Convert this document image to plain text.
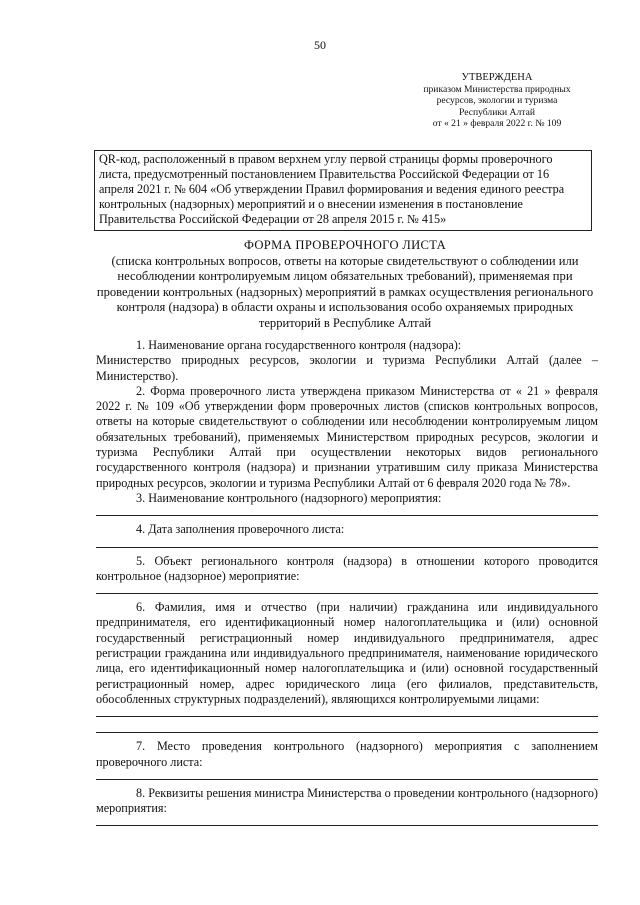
50
УТВЕРЖДЕНА
приказом Министерства природных
ресурсов, экологии и туризма
Республики Алтай
от « 21 » февраля 2022 г. № 109
QR-код, расположенный в правом верхнем углу первой страницы формы проверочного листа, предусмотренный постановлением Правительства Российской Федерации от 16 апреля 2021 г. № 604 «Об утверждении Правил формирования и ведения единого реестра контрольных (надзорных) мероприятий и о внесении изменения в постановление Правительства Российской Федерации от 28 апреля 2015 г. № 415»
ФОРМА ПРОВЕРОЧНОГО ЛИСТА
(списка контрольных вопросов, ответы на которые свидетельствуют о соблюдении или несоблюдении контролируемым лицом обязательных требований), применяемая при проведении контрольных (надзорных) мероприятий в рамках осуществления регионального контроля (надзора) в области охраны и использования особо охраняемых природных территорий в Республике Алтай

1. Наименование органа государственного контроля (надзора):

Министерство природных ресурсов, экологии и туризма Республики Алтай (далее – Министерство).

2. Форма проверочного листа утверждена приказом Министерства от « 21 » февраля 2022 г. № 109 «Об утверждении форм проверочных листов (списков контрольных вопросов, ответы на которые свидетельствуют о соблюдении или несоблюдении контролируемым лицом обязательных требований), применяемых Министерством природных ресурсов, экологии и туризма Республики Алтай при осуществлении некоторых видов регионального государственного контроля (надзора) и признании утратившим силу приказа Министерства природных ресурсов, экологии и туризма Республики Алтай от 6 февраля 2020 года № 78».

3. Наименование контрольного (надзорного) мероприятия:

4. Дата заполнения проверочного листа:

5. Объект регионального контроля (надзора) в отношении которого проводится контрольное (надзорное) мероприятие:

6. Фамилия, имя и отчество (при наличии) гражданина или индивидуального предпринимателя, его идентификационный номер налогоплательщика и (или) основной государственный регистрационный номер индивидуального предпринимателя, адрес регистрации гражданина или индивидуального предпринимателя, наименование юридического лица, его идентификационный номер налогоплательщика и (или) основной государственный регистрационный номер, адрес юридического лица (его филиалов, представительств, обособленных структурных подразделений), являющихся контролируемыми лицами:

7. Место проведения контрольного (надзорного) мероприятия с заполнением проверочного листа:

8. Реквизиты решения министра Министерства о проведении контрольного (надзорного) мероприятия:
